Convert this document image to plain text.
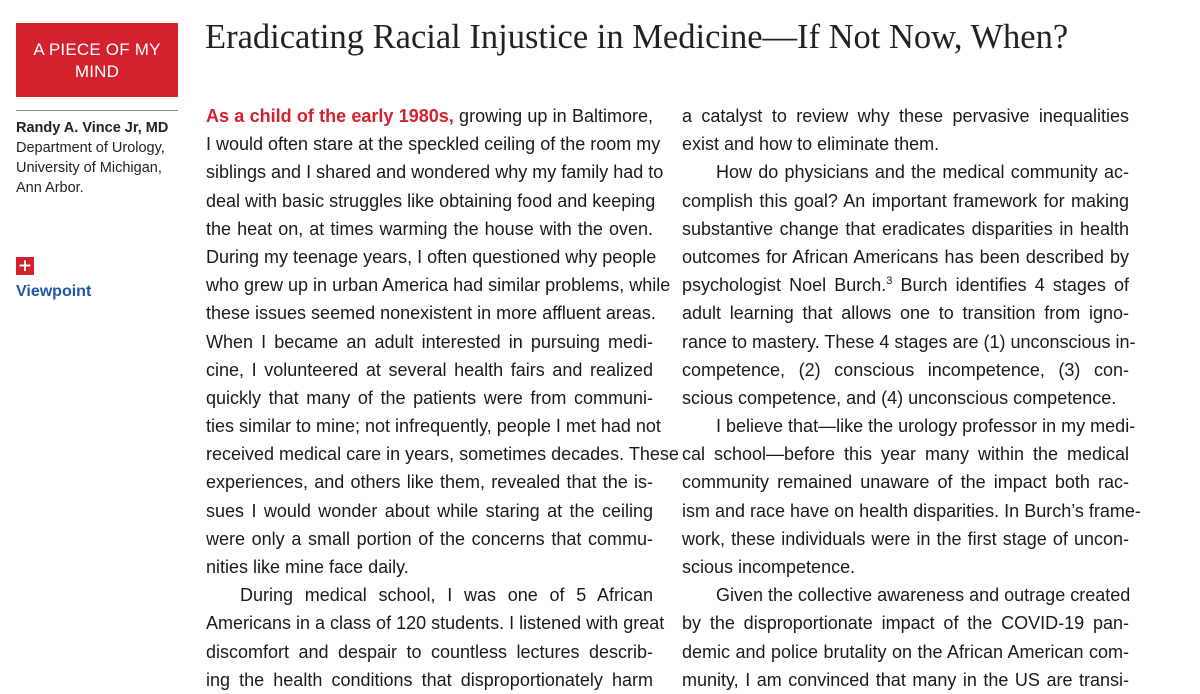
A PIECE OF MY MIND
Randy A. Vince Jr, MD
Department of Urology,
University of Michigan,
Ann Arbor.
+
Viewpoint
Eradicating Racial Injustice in Medicine—If Not Now, When?
As a child of the early 1980s, growing up in Baltimore,
I would often stare at the speckled ceiling of the room my
siblings and I shared and wondered why my family had to
deal with basic struggles like obtaining food and keeping
the heat on, at times warming the house with the oven.
During my teenage years, I often questioned why people
who grew up in urban America had similar problems, while
these issues seemed nonexistent in more affluent areas.
When I became an adult interested in pursuing medi-
cine, I volunteered at several health fairs and realized
quickly that many of the patients were from communi-
ties similar to mine; not infrequently, people I met had not
received medical care in years, sometimes decades. These
experiences, and others like them, revealed that the is-
sues I would wonder about while staring at the ceiling
were only a small portion of the concerns that commu-
nities like mine face daily.
During medical school, I was one of 5 African
Americans in a class of 120 students. I listened with great
discomfort and despair to countless lectures describ-
ing the health conditions that disproportionately harm
a catalyst to review why these pervasive inequalities
exist and how to eliminate them.
How do physicians and the medical community ac-
complish this goal? An important framework for making
substantive change that eradicates disparities in health
outcomes for African Americans has been described by
psychologist Noel Burch.$^3$ Burch identifies 4 stages of
adult learning that allows one to transition from igno-
rance to mastery. These 4 stages are (1) unconscious in-
competence, (2) conscious incompetence, (3) con-
scious competence, and (4) unconscious competence.
I believe that—like the urology professor in my medi-
cal school—before this year many within the medical
community remained unaware of the impact both rac-
ism and race have on health disparities. In Burch’s frame-
work, these individuals were in the first stage of uncon-
scious incompetence.
Given the collective awareness and outrage created
by the disproportionate impact of the COVID-19 pan-
demic and police brutality on the African American com-
munity, I am convinced that many in the US are transi-
